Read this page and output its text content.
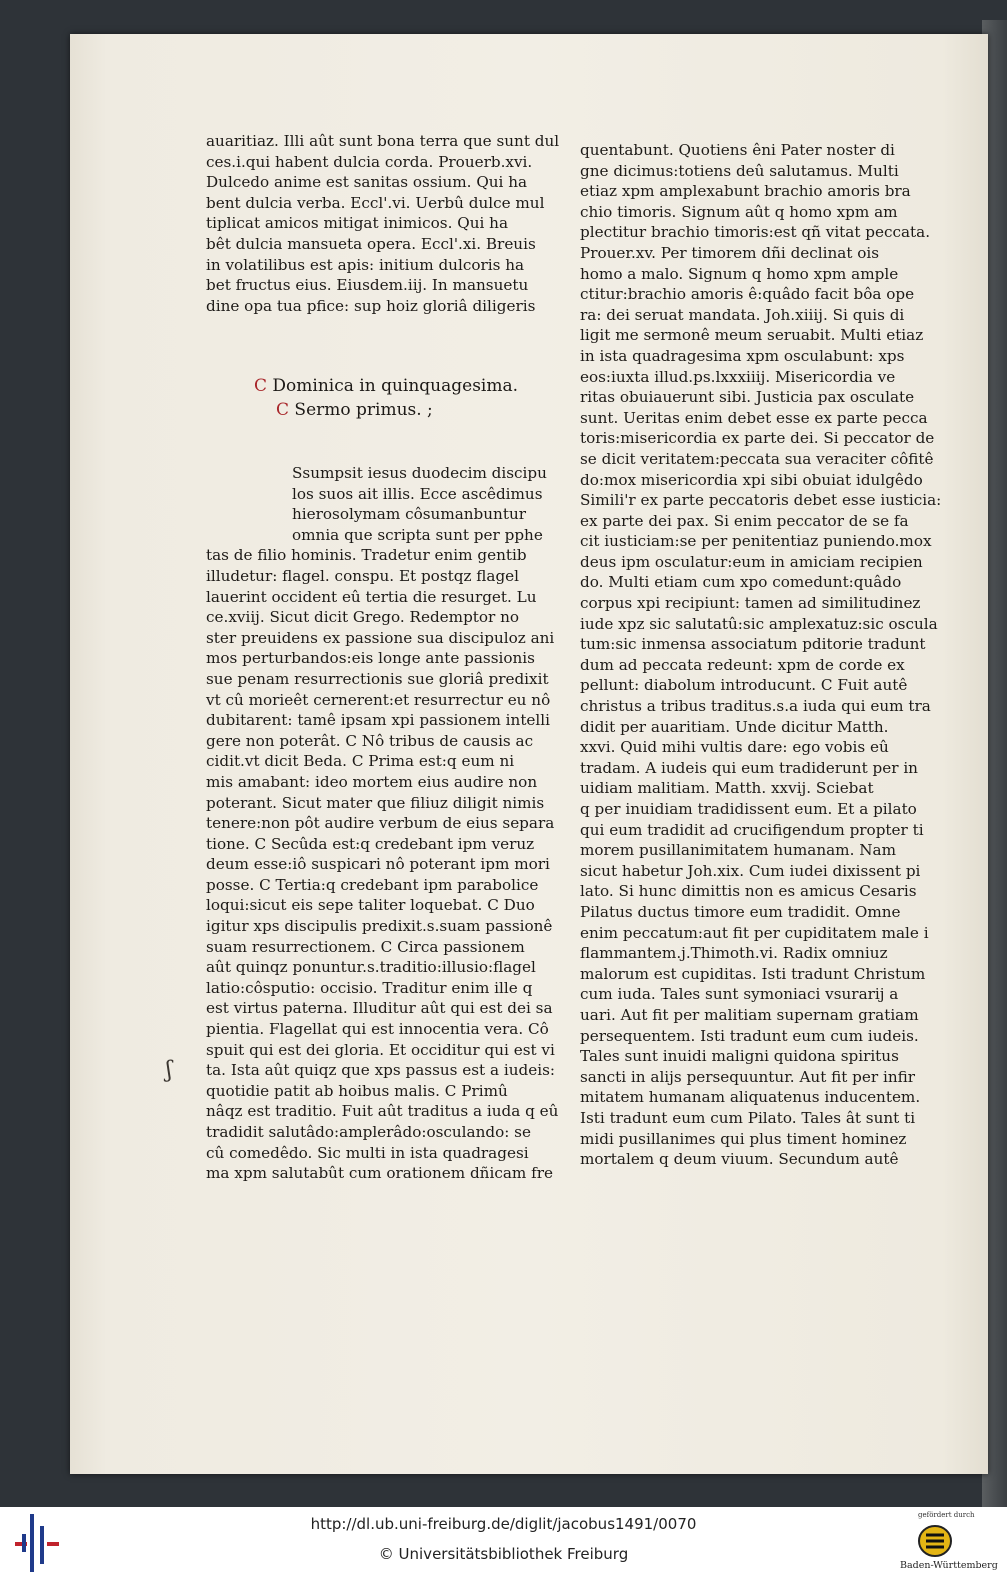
auaritiaz. Illi aût sunt bona terra que sunt dul
ces.i.qui habent dulcia corda. Prouerb.xvi.
Dulcedo anime est sanitas ossium. Qui ha
bent dulcia verba. Eccl'.vi. Uerbû dulce mul
tiplicat amicos mitigat inimicos. Qui ha
bêt dulcia mansueta opera. Eccl'.xi. Breuis
in volatilibus est apis: initium dulcoris ha
bet fructus eius. Eiusdem.iij. In mansuetu
dine opa tua pfice: sup hoiz gloriâ diligeris
C Dominica in quinquagesima.
C Sermo primus. ;
Ssumpsit iesus duodecim discipu
los suos ait illis. Ecce ascêdimus
hierosolymam côsumanbuntur
omnia que scripta sunt per pphe
tas de filio hominis. Tradetur enim gentib
illudetur: flagel. conspu. Et postqz flagel
lauerint occident eû tertia die resurget. Lu
ce.xviij. Sicut dicit Grego. Redemptor no
ster preuidens ex passione sua discipuloz ani
mos perturbandos:eis longe ante passionis
sue penam resurrectionis sue gloriâ predixit
vt cû morieêt cernerent:et resurrectur eu nô
dubitarent: tamê ipsam xpi passionem intelli
gere non poterât. C Nô tribus de causis ac
cidit.vt dicit Beda. C Prima est:q eum ni
mis amabant: ideo mortem eius audire non
poterant. Sicut mater que filiuz diligit nimis
tenere:non pôt audire verbum de eius separa
tione. C Secûda est:q credebant ipm veruz
deum esse:iô suspicari nô poterant ipm mori
posse. C Tertia:q credebant ipm parabolice
loqui:sicut eis sepe taliter loquebat. C Duo
igitur xps discipulis predixit.s.suam passionê
suam resurrectionem. C Circa passionem
aût quinqz ponuntur.s.traditio:illusio:flagel
latio:côsputio: occisio. Traditur enim ille q
est virtus paterna. Illuditur aût qui est dei sa
pientia. Flagellat qui est innocentia vera. Cô
spuit qui est dei gloria. Et occiditur qui est vi
ta. Ista aût quiqz que xps passus est a iudeis:
quotidie patit ab hoibus malis. C Primû
nâqz est traditio. Fuit aût traditus a iuda q eû
tradidit salutâdo:amplerâdo:osculando: se
cû comedêdo. Sic multi in ista quadragesi
ma xpm salutabût cum orationem dñicam fre
quentabunt. Quotiens êni Pater noster di
gne dicimus:totiens deû salutamus. Multi
etiaz xpm amplexabunt brachio amoris bra
chio timoris. Signum aût q homo xpm am
plectitur brachio timoris:est qñ vitat peccata.
Prouer.xv. Per timorem dñi declinat ois
homo a malo. Signum q homo xpm ample
ctitur:brachio amoris ê:quâdo facit bôa ope
ra: dei seruat mandata. Joh.xiiij. Si quis di
ligit me sermonê meum seruabit. Multi etiaz
in ista quadragesima xpm osculabunt: xps
eos:iuxta illud.ps.lxxxiiij. Misericordia ve
ritas obuiauerunt sibi. Justicia pax osculate
sunt. Ueritas enim debet esse ex parte pecca
toris:misericordia ex parte dei. Si peccator de
se dicit veritatem:peccata sua veraciter côfitê
do:mox misericordia xpi sibi obuiat idulgêdo
Simili'r ex parte peccatoris debet esse iusticia:
ex parte dei pax. Si enim peccator de se fa
cit iusticiam:se per penitentiaz puniendo.mox
deus ipm osculatur:eum in amiciam recipien
do. Multi etiam cum xpo comedunt:quâdo
corpus xpi recipiunt: tamen ad similitudinez
iude xpz sic salutatû:sic amplexatuz:sic oscula
tum:sic inmensa associatum pditorie tradunt
dum ad peccata redeunt: xpm de corde ex
pellunt: diabolum introducunt. C Fuit autê
christus a tribus traditus.s.a iuda qui eum tra
didit per auaritiam. Unde dicitur Matth.
xxvi. Quid mihi vultis dare: ego vobis eû
tradam. A iudeis qui eum tradiderunt per in
uidiam malitiam. Matth. xxvij. Sciebat
q per inuidiam tradidissent eum. Et a pilato
qui eum tradidit ad crucifigendum propter ti
morem pusillanimitatem humanam. Nam
sicut habetur Joh.xix. Cum iudei dixissent pi
lato. Si hunc dimittis non es amicus Cesaris
Pilatus ductus timore eum tradidit. Omne
enim peccatum:aut fit per cupiditatem male i
flammantem.j.Thimoth.vi. Radix omniuz
malorum est cupiditas. Isti tradunt Christum
cum iuda. Tales sunt symoniaci vsurarij a
uari. Aut fit per malitiam supernam gratiam
persequentem. Isti tradunt eum cum iudeis.
Tales sunt inuidi maligni quidona spiritus
sancti in alijs persequuntur. Aut fit per infir
mitatem humanam aliquatenus inducentem.
Isti tradunt eum cum Pilato. Tales ât sunt ti
midi pusillanimes qui plus timent hominez
mortalem q deum viuum. Secundum autê
ʃ
http://dl.ub.uni-freiburg.de/diglit/jacobus1491/0070
© Universitätsbibliothek Freiburg
gefördert durch
Baden-Württemberg
